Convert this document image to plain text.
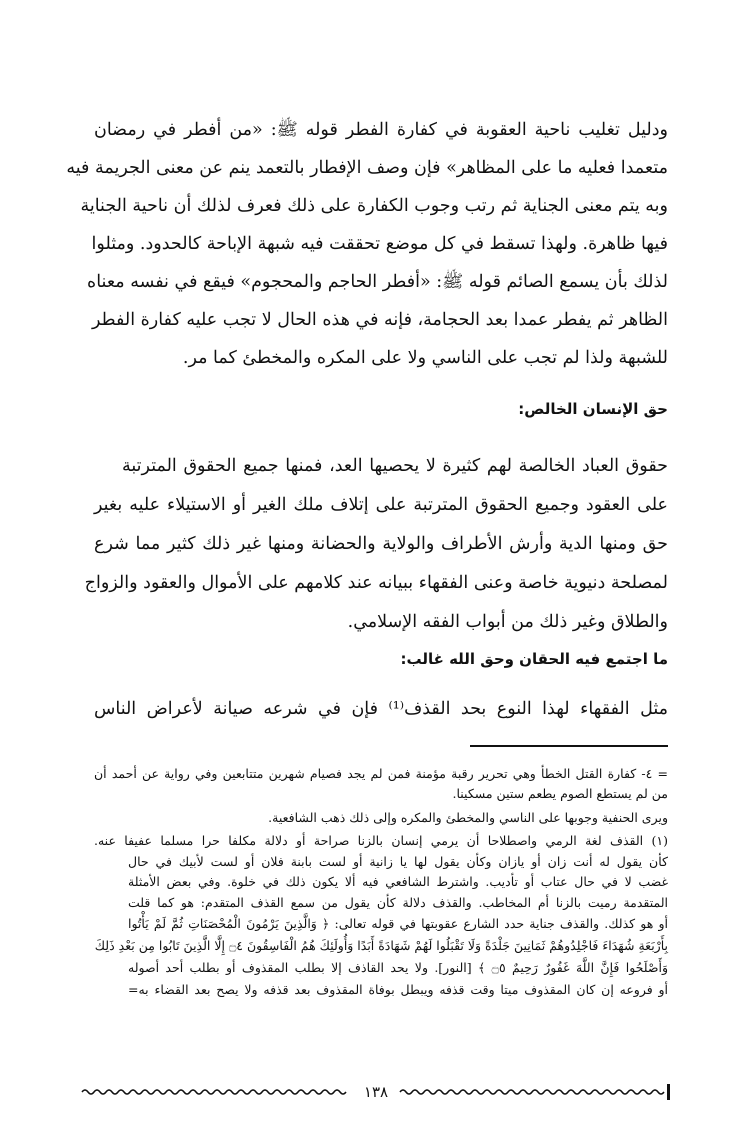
ودليل تغليب ناحية العقوبة في كفارة الفطر قوله ﷺ: «من أفطر في رمضان
متعمدا فعليه ما على المظاهر» فإن وصف الإفطار بالتعمد ينم عن معنى الجريمة فيه
وبه يتم معنى الجناية ثم رتب وجوب الكفارة على ذلك فعرف لذلك أن ناحية الجناية
فيها ظاهرة. ولهذا تسقط في كل موضع تحققت فيه شبهة الإباحة كالحدود. ومثلوا
لذلك بأن يسمع الصائم قوله ﷺ: «أفطر الحاجم والمحجوم» فيقع في نفسه معناه
الظاهر ثم يفطر عمدا بعد الحجامة، فإنه في هذه الحال لا تجب عليه كفارة الفطر
للشبهة ولذا لم تجب على الناسي ولا على المكره والمخطئ كما مر.
حق الإنسان الخالص:
حقوق العباد الخالصة لهم كثيرة لا يحصيها العد، فمنها جميع الحقوق المترتبة
على العقود وجميع الحقوق المترتبة على إتلاف ملك الغير أو الاستيلاء عليه بغير
حق ومنها الدية وأرش الأطراف والولاية والحضانة ومنها غير ذلك كثير مما شرع
لمصلحة دنيوية خاصة وعنى الفقهاء ببيانه عند كلامهم على الأموال والعقود والزواج
والطلاق وغير ذلك من أبواب الفقه الإسلامي.
ما اجتمع فيه الحقان وحق الله غالب:
مثل الفقهاء لهذا النوع بحد القذف⁽¹⁾ فإن في شرعه صيانة لأعراض الناس
= ٤- كفارة القتل الخطأ وهي تحرير رقبة مؤمنة فمن لم يجد فصيام شهرين متتابعين وفي رواية عن أحمد أن
من لم يستطع الصوم يطعم ستين مسكينا.
ويرى الحنفية وجوبها على الناسي والمخطئ والمكره وإلى ذلك ذهب الشافعية.
(١) القذف لغة الرمي واصطلاحا أن يرمي إنسان بالزنا صراحة أو دلالة مكلفا حرا مسلما عفيفا عنه.
كأن يقول له أنت زان أو يازان وكأن يقول لها يا زانية أو لست بابنة فلان أو لست لأبيك في حال
غضب لا في حال عتاب أو تأديب. واشترط الشافعي فيه ألا يكون ذلك في خلوة. وفي بعض الأمثلة
المتقدمة رميت بالزنا أم المخاطب. والقذف دلالة كأن يقول من سمع القذف المتقدم: هو كما قلت
أو هو كذلك. والقذف جناية حدد الشارع عقوبتها في قوله تعالى: ﴿ وَالَّذِينَ يَرْمُونَ الْمُحْصَنَاتِ ثُمَّ لَمْ يَأْتُوا
بِأَرْبَعَةِ شُهَدَاءَ فَاجْلِدُوهُمْ ثَمَانِينَ جَلْدَةً وَلَا تَقْبَلُوا لَهُمْ شَهَادَةً أَبَدًا وَأُولَئِكَ هُمُ الْفَاسِقُونَ ۝٤ إِلَّا الَّذِينَ تَابُوا مِن بَعْدِ ذَلِكَ
وَأَصْلَحُوا فَإِنَّ اللَّهَ غَفُورٌ رَحِيمٌ ۝٥ ﴾ [النور]. ولا يحد القاذف إلا بطلب المقذوف أو بطلب أحد أصوله
أو فروعه إن كان المقذوف ميتا وقت قذفه ويبطل بوفاة المقذوف بعد قذفه ولا يصح بعد القضاء به=
١٣٨
